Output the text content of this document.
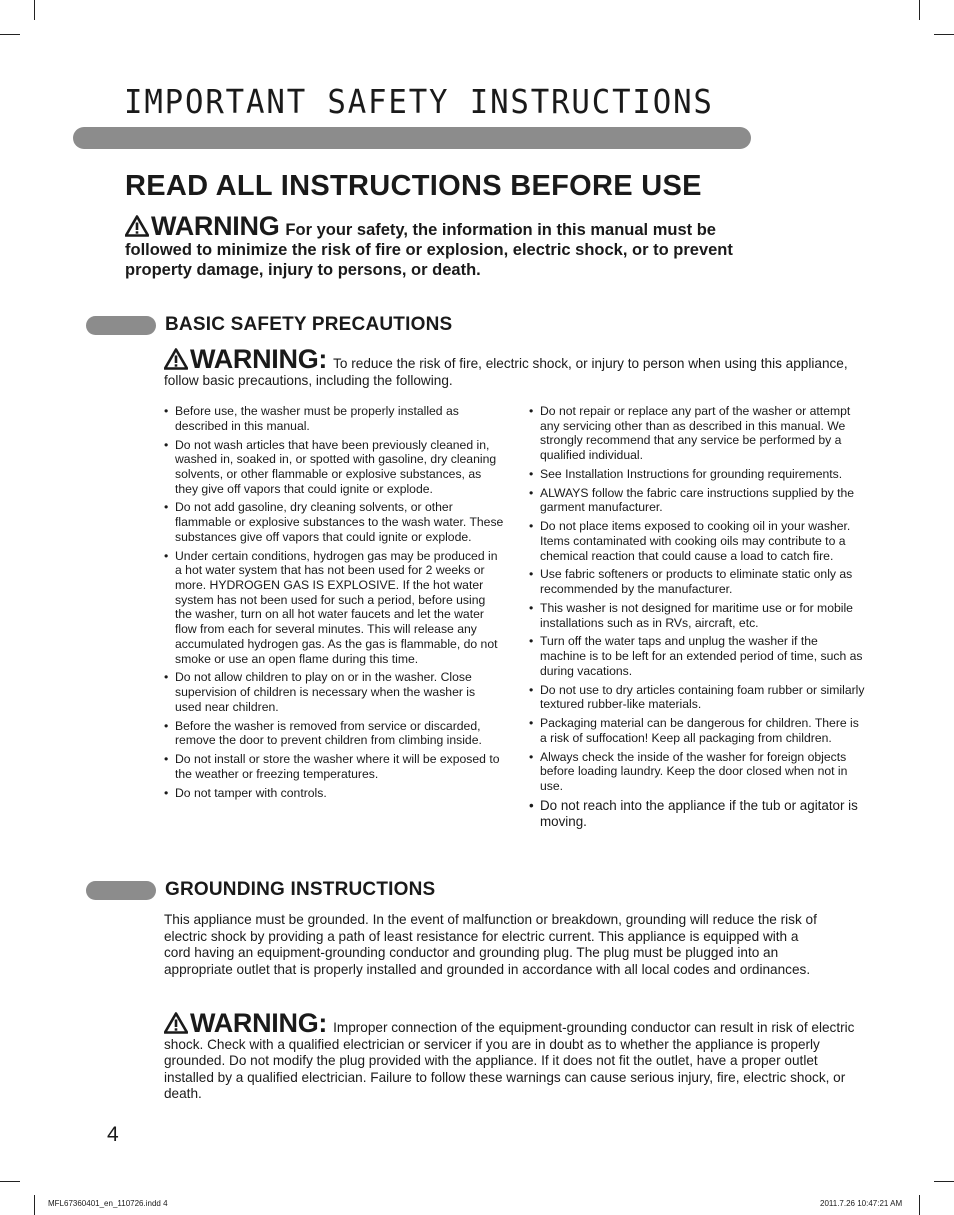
IMPORTANT SAFETY INSTRUCTIONS
READ ALL INSTRUCTIONS BEFORE USE
WARNING For your safety, the information in this manual must be followed to minimize the risk of fire or explosion, electric shock, or to prevent property damage, injury to persons, or death.
BASIC SAFETY PRECAUTIONS
WARNING: To reduce the risk of fire, electric shock, or injury to person when using this appliance, follow basic precautions, including the following.
• Before use, the washer must be properly installed as described in this manual.
• Do not wash articles that have been previously cleaned in, washed in, soaked in, or spotted with gasoline, dry cleaning solvents, or other flammable or explosive substances, as they give off vapors that could ignite or explode.
• Do not add gasoline, dry cleaning solvents, or other flammable or explosive substances to the wash water. These substances give off vapors that could ignite or explode.
• Under certain conditions, hydrogen gas may be produced in a hot water system that has not been used for 2 weeks or more. HYDROGEN GAS IS EXPLOSIVE. If the hot water system has not been used for such a period, before using the washer, turn on all hot water faucets and let the water flow from each for several minutes. This will release any accumulated hydrogen gas. As the gas is flammable, do not smoke or use an open flame during this time.
• Do not allow children to play on or in the washer. Close supervision of children is necessary when the washer is used near children.
• Before the washer is removed from service or discarded, remove the door to prevent children from climbing inside.
• Do not install or store the washer where it will be exposed to the weather or freezing temperatures.
• Do not tamper with controls.
• Do not repair or replace any part of the washer or attempt any servicing other than as described in this manual. We strongly recommend that any service be performed by a qualified individual.
• See Installation Instructions for grounding requirements.
• ALWAYS follow the fabric care instructions supplied by the garment manufacturer.
• Do not place items exposed to cooking oil in your washer. Items contaminated with cooking oils may contribute to a chemical reaction that could cause a load to catch fire.
• Use fabric softeners or products to eliminate static only as recommended by the manufacturer.
• This washer is not designed for maritime use or for mobile installations such as in RVs, aircraft, etc.
• Turn off the water taps and unplug the washer if the machine is to be left for an extended period of time, such as during vacations.
• Do not use to dry articles containing foam rubber or similarly textured rubber-like materials.
• Packaging material can be dangerous for children. There is a risk of suffocation! Keep all packaging from children.
• Always check the inside of the washer for foreign objects before loading laundry. Keep the door closed when not in use.
• Do not reach into the appliance if the tub or agitator is moving.
GROUNDING INSTRUCTIONS
This appliance must be grounded. In the event of malfunction or breakdown, grounding will reduce the risk of electric shock by providing a path of least resistance for electric current. This appliance is equipped with a cord having an equipment-grounding conductor and grounding plug. The plug must be plugged into an appropriate outlet that is properly installed and grounded in accordance with all local codes and ordinances.
WARNING: Improper connection of the equipment-grounding conductor can result in risk of electric shock. Check with a qualified electrician or servicer if you are in doubt as to whether the appliance is properly grounded. Do not modify the plug provided with the appliance. If it does not fit the outlet, have a proper outlet installed by a qualified electrician. Failure to follow these warnings can cause serious injury, fire, electric shock, or death.
4
MFL67360401_en_110726.indd 4	2011.7.26 10:47:21 AM
